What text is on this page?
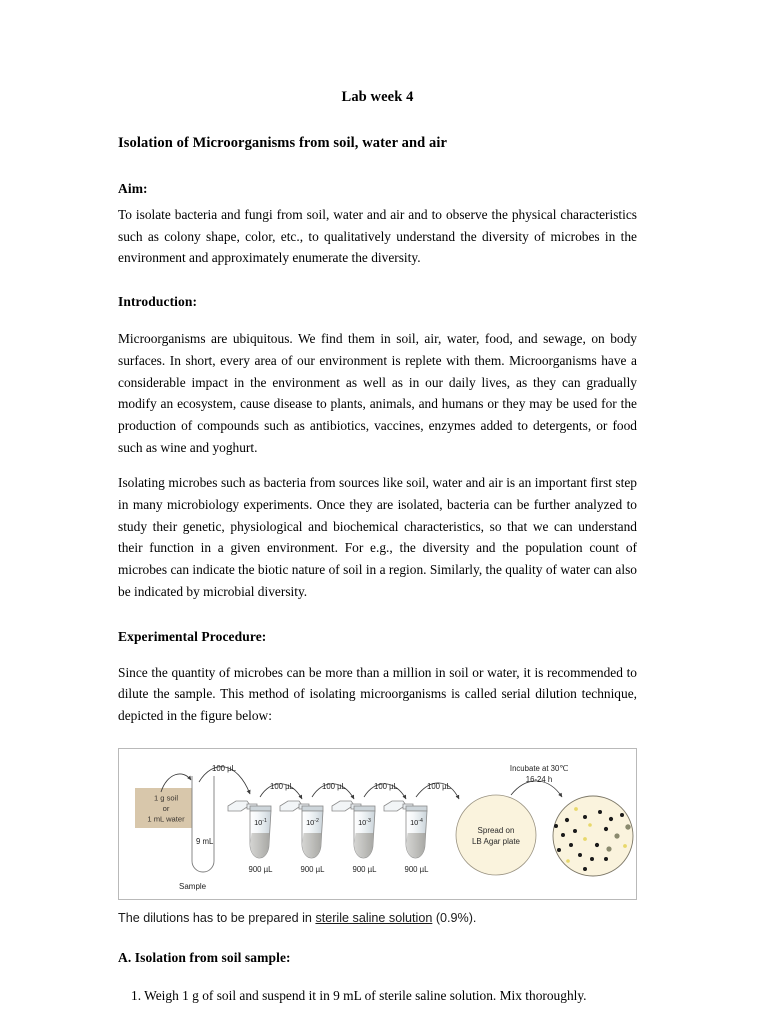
Lab week 4
Isolation of Microorganisms from soil, water and air
Aim:

To isolate bacteria and fungi from soil, water and air and to observe the physical characteristics such as colony shape, color, etc., to qualitatively understand the diversity of microbes in the environment and approximately enumerate the diversity.

Introduction:

Microorganisms are ubiquitous. We find them in soil, air, water, food, and sewage, on body surfaces. In short, every area of our environment is replete with them. Microorganisms have a considerable impact in the environment as well as in our daily lives, as they can gradually modify an ecosystem, cause disease to plants, animals, and humans or they may be used for the production of compounds such as antibiotics, vaccines, enzymes added to detergents, or food such as wine and yoghurt.

Isolating microbes such as bacteria from sources like soil, water and air is an important first step in many microbiology experiments. Once they are isolated, bacteria can be further analyzed to study their genetic, physiological and biochemical characteristics, so that we can understand their function in a given environment. For e.g., the diversity and the population count of microbes can indicate the biotic nature of soil in a region. Similarly, the quality of water can also be indicated by microbial diversity.

Experimental Procedure:

Since the quantity of microbes can be more than a million in soil or water, it is recommended to dilute the sample. This method of isolating microorganisms is called serial dilution technique, depicted in the figure below:

1 g soil
or
1 mL water
9 mL
Sample
100 µL
100 µL	100 µL	100 µL	100 µL
$10^{-1}$
900 µL
$10^{-2}$
900 µL
$10^{-3}$
900 µL
$10^{-4}$
900 µL
Spread on
LB Agar plate
Incubate at 30℃
16-24 h

The dilutions has to be prepared in sterile saline solution (0.9%).

A. Isolation from soil sample:

1. Weigh 1 g of soil and suspend it in 9 mL of sterile saline solution. Mix thoroughly.
